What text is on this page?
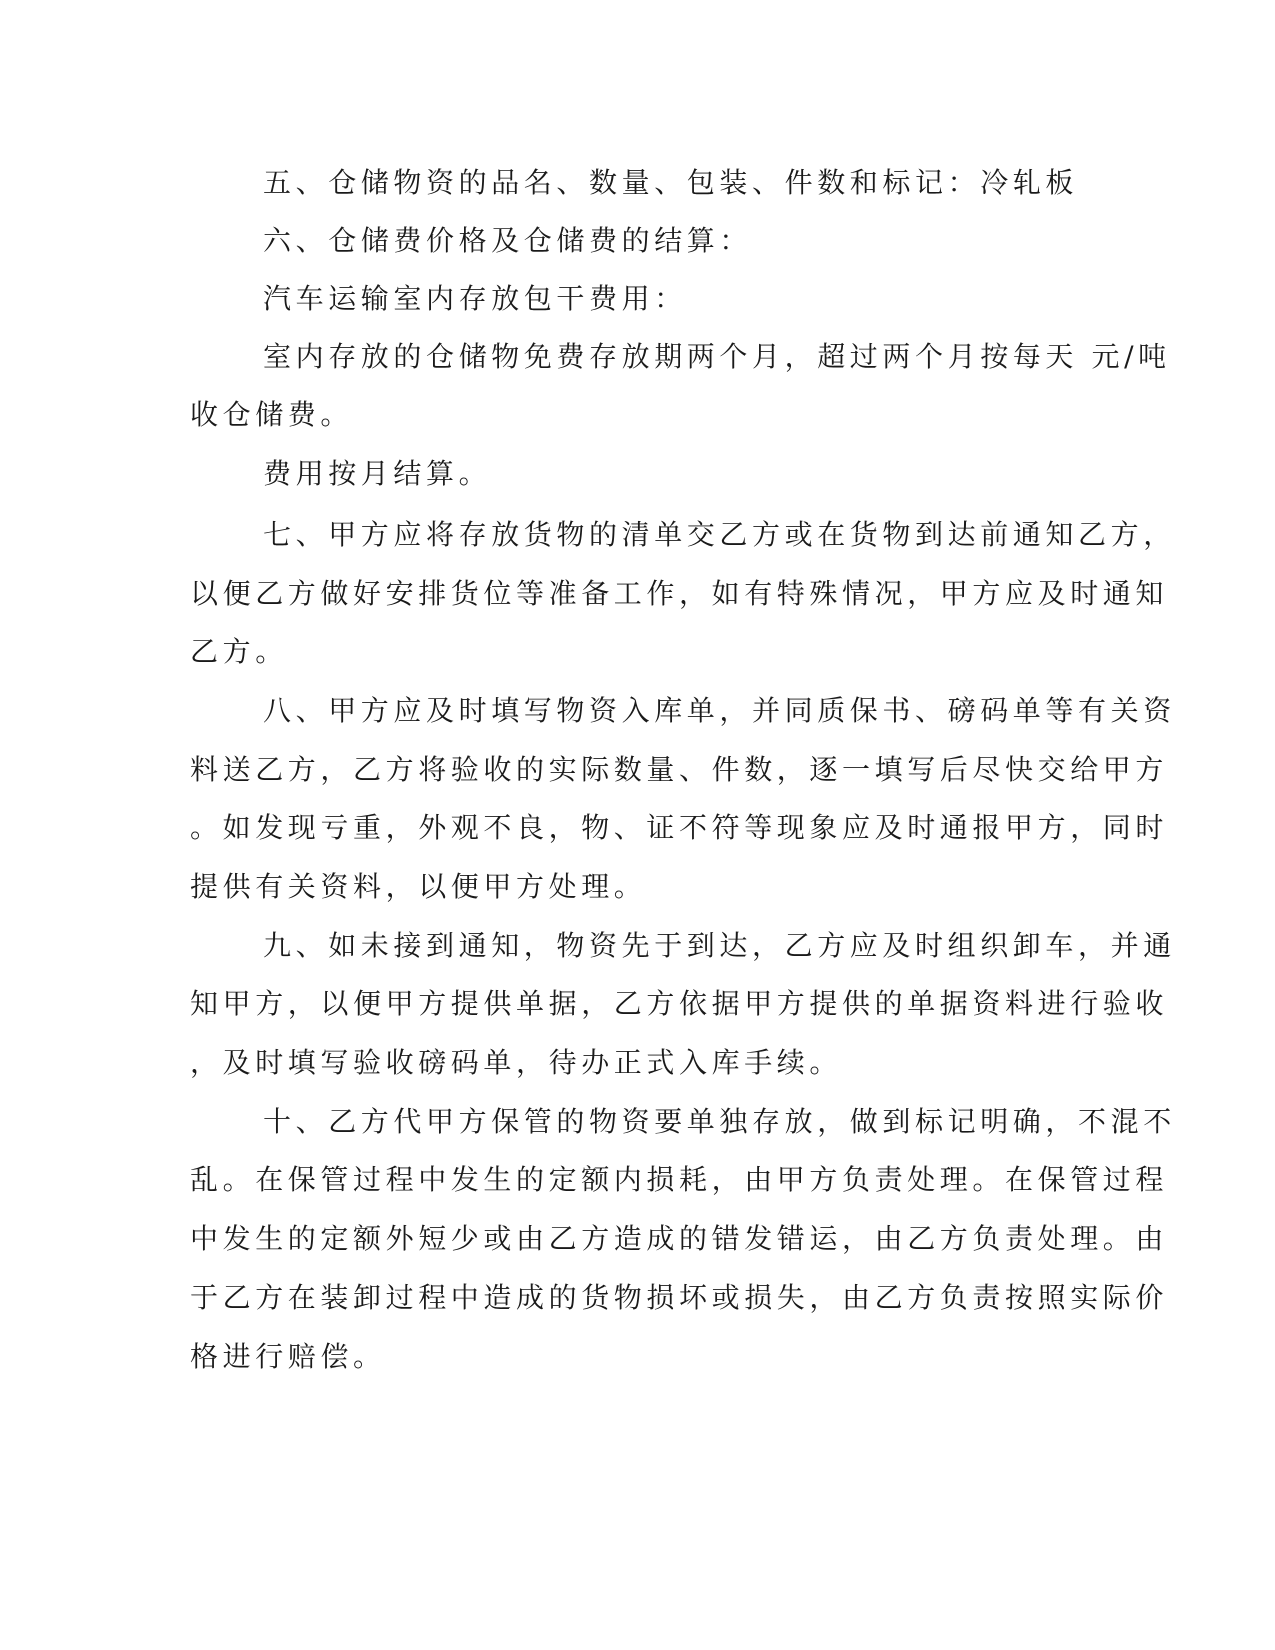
五、仓储物资的品名、数量、包装、件数和标记：冷轧板
六、仓储费价格及仓储费的结算：
汽车运输室内存放包干费用：
室内存放的仓储物免费存放期两个月，超过两个月按每天 元/吨
收仓储费。
费用按月结算。
七、甲方应将存放货物的清单交乙方或在货物到达前通知乙方，
以便乙方做好安排货位等准备工作，如有特殊情况，甲方应及时通知
乙方。
八、甲方应及时填写物资入库单，并同质保书、磅码单等有关资
料送乙方，乙方将验收的实际数量、件数，逐一填写后尽快交给甲方
。如发现亏重，外观不良，物、证不符等现象应及时通报甲方，同时
提供有关资料，以便甲方处理。
九、如未接到通知，物资先于到达，乙方应及时组织卸车，并通
知甲方，以便甲方提供单据，乙方依据甲方提供的单据资料进行验收
，及时填写验收磅码单，待办正式入库手续。
十、乙方代甲方保管的物资要单独存放，做到标记明确，不混不
乱。在保管过程中发生的定额内损耗，由甲方负责处理。在保管过程
中发生的定额外短少或由乙方造成的错发错运，由乙方负责处理。由
于乙方在装卸过程中造成的货物损坏或损失，由乙方负责按照实际价
格进行赔偿。
